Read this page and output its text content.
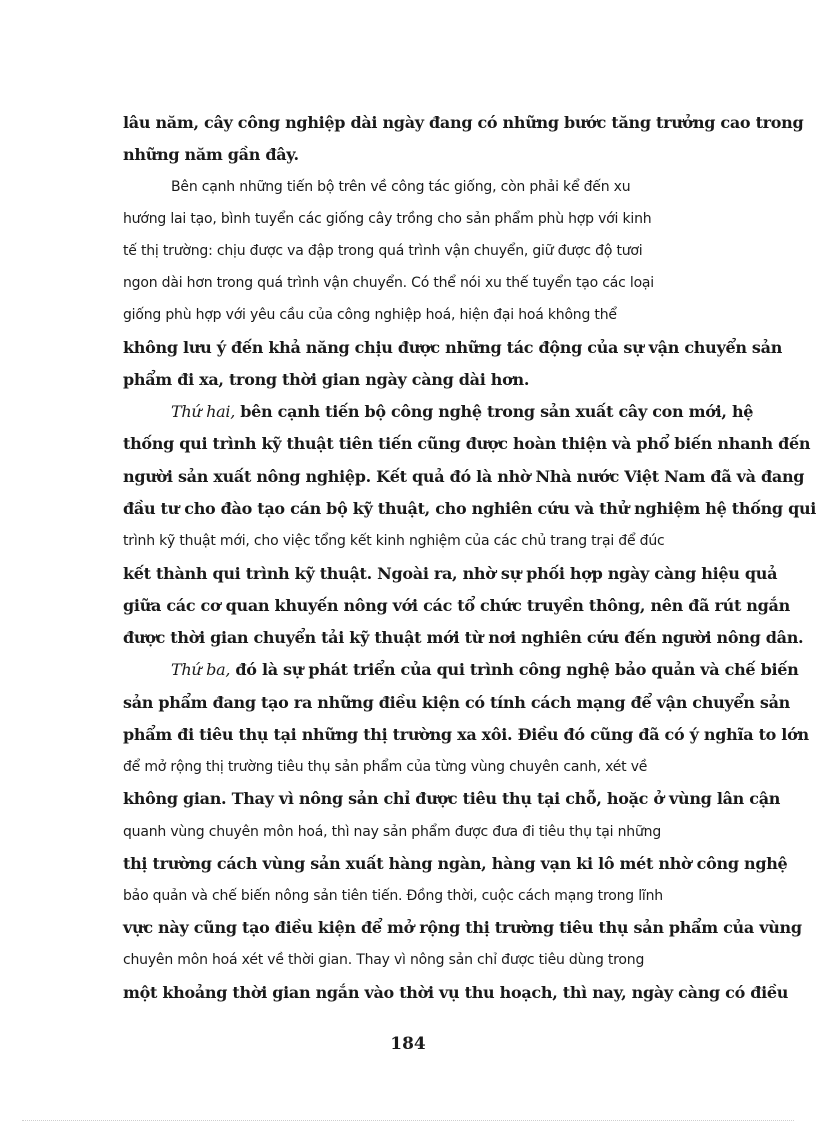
lâu năm, cây công nghiệp dài ngày đang có những bước tăng trưởng cao trong
những năm gần đây.
Bên cạnh những tiến bộ trên về công tác giống, còn phải kể đến xu
hướng lai tạo, bình tuyển các giống cây trồng cho sản phẩm phù hợp với kinh
tế thị trường: chịu được va đập trong quá trình vận chuyển, giữ được độ tươi
ngon dài hơn trong quá trình vận chuyển. Có thể nói xu thế tuyển tạo các loại
giống phù hợp với yêu cầu của công nghiệp hoá, hiện đại hoá không thể
không lưu ý đến khả năng chịu được những tác động của sự vận chuyển sản
phẩm đi xa, trong thời gian ngày càng dài hơn.
Thứ hai, bên cạnh tiến bộ công nghệ trong sản xuất cây con mới, hệ
thống qui trình kỹ thuật tiên tiến cũng được hoàn thiện và phổ biến nhanh đến
người sản xuất nông nghiệp. Kết quả đó là nhờ Nhà nước Việt Nam đã và đang
đầu tư cho đào tạo cán bộ kỹ thuật, cho nghiên cứu và thử nghiệm hệ thống qui
trình kỹ thuật mới, cho việc tổng kết kinh nghiệm của các chủ trang trại để đúc
kết thành qui trình kỹ thuật. Ngoài ra, nhờ sự phối hợp ngày càng hiệu quả
giữa các cơ quan khuyến nông với các tổ chức truyền thông, nên đã rút ngắn
được thời gian chuyển tải kỹ thuật mới từ nơi nghiên cứu đến người nông dân.
Thứ ba, đó là sự phát triển của qui trình công nghệ bảo quản và chế biến
sản phẩm đang tạo ra những điều kiện có tính cách mạng để vận chuyển sản
phẩm đi tiêu thụ tại những thị trường xa xôi. Điều đó cũng đã có ý nghĩa to lớn
để mở rộng thị trường tiêu thụ sản phẩm của từng vùng chuyên canh, xét về
không gian. Thay vì nông sản chỉ được tiêu thụ tại chỗ, hoặc ở vùng lân cận
quanh vùng chuyên môn hoá, thì nay sản phẩm được đưa đi tiêu thụ tại những
thị trường cách vùng sản xuất hàng ngàn, hàng vạn ki lô mét nhờ công nghệ
bảo quản và chế biến nông sản tiên tiến. Đồng thời, cuộc cách mạng trong lĩnh
vực này cũng tạo điều kiện để mở rộng thị trường tiêu thụ sản phẩm của vùng
chuyên môn hoá xét về thời gian. Thay vì nông sản chỉ được tiêu dùng trong
một khoảng thời gian ngắn vào thời vụ thu hoạch, thì nay, ngày càng có điều
184
